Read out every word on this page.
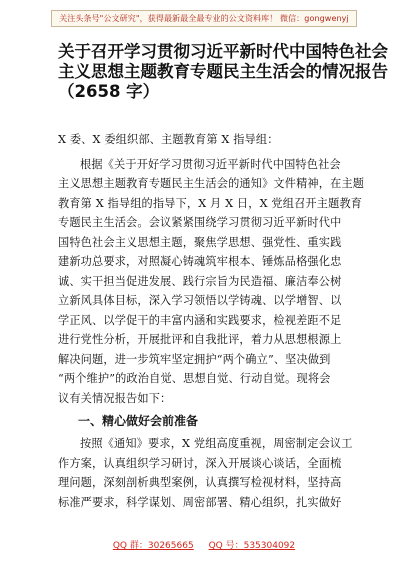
关注头条号"公文研究"，获得最新最全最专业的公文资料库！ 微信：gongwenyj
关于召开学习贯彻习近平新时代中国特色社会
主义思想主题教育专题民主生活会的情况报告
（2658 字）

X 委、X 委组织部、主题教育第 X 指导组：

根据《关于开好学习贯彻习近平新时代中国特色社会
主义思想主题教育专题民主生活会的通知》文件精神，在主题
教育第 X 指导组的指导下，X 月 X 日，X 党组召开主题教育
专题民主生活会。会议紧紧围绕学习贯彻习近平新时代中
国特色社会主义思想主题，聚焦学思想、强党性、重实践
建新功总要求，对照凝心铸魂筑牢根本、锤炼品格强化忠
诚、实干担当促进发展、践行宗旨为民造福、廉洁奉公树
立新风具体目标，深入学习领悟以学铸魂、以学增智、以
学正风、以学促干的丰富内涵和实践要求，检视差距不足
进行党性分析，开展批评和自我批评，着力从思想根源上
解决问题，进一步筑牢坚定拥护“两个确立”、坚决做到
“两个维护”的政治自觉、思想自觉、行动自觉。现将会
议有关情况报告如下：

一、精心做好会前准备

按照《通知》要求，X 党组高度重视，周密制定会议工
作方案，认真组织学习研讨，深入开展谈心谈话，全面梳
理问题，深刻剖析典型案例，认真撰写检视材料，坚持高
标准严要求，科学谋划、周密部署、精心组织，扎实做好

QQ 群：30265665 QQ 号：535304092
